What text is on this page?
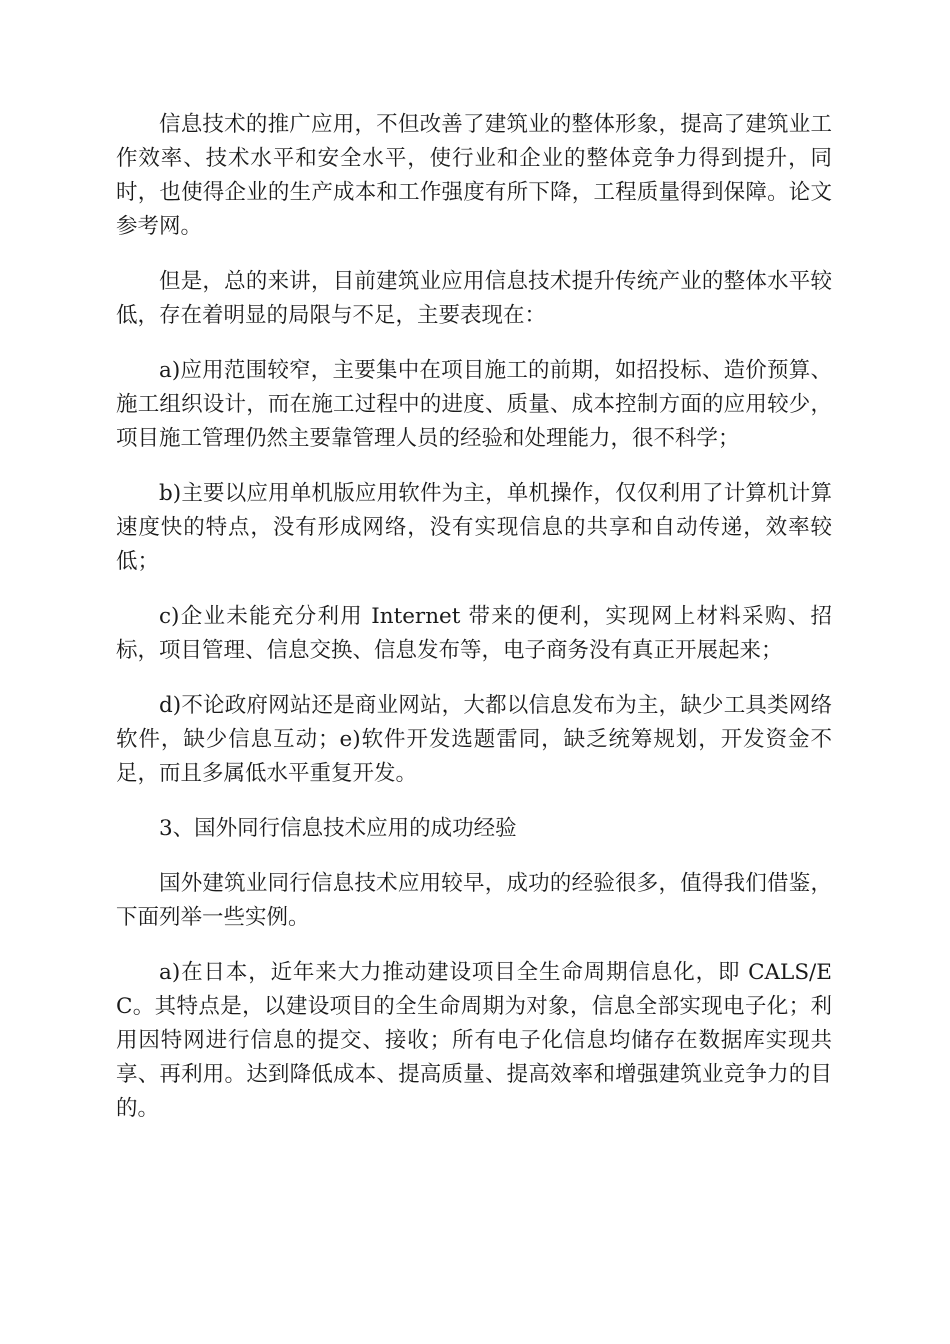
信息技术的推广应用，不但改善了建筑业的整体形象，提高了建筑业工作效率、技术水平和安全水平，使行业和企业的整体竞争力得到提升，同时，也使得企业的生产成本和工作强度有所下降，工程质量得到保障。论文参考网。

但是，总的来讲，目前建筑业应用信息技术提升传统产业的整体水平较低，存在着明显的局限与不足，主要表现在：

a)应用范围较窄，主要集中在项目施工的前期，如招投标、造价预算、施工组织设计，而在施工过程中的进度、质量、成本控制方面的应用较少，项目施工管理仍然主要靠管理人员的经验和处理能力，很不科学；

b)主要以应用单机版应用软件为主，单机操作，仅仅利用了计算机计算速度快的特点，没有形成网络，没有实现信息的共享和自动传递，效率较低；

c)企业未能充分利用 Internet 带来的便利，实现网上材料采购、招标，项目管理、信息交换、信息发布等，电子商务没有真正开展起来；

d)不论政府网站还是商业网站，大都以信息发布为主，缺少工具类网络软件，缺少信息互动；e)软件开发选题雷同，缺乏统筹规划，开发资金不足，而且多属低水平重复开发。

3、国外同行信息技术应用的成功经验

国外建筑业同行信息技术应用较早，成功的经验很多，值得我们借鉴，下面列举一些实例。

a)在日本，近年来大力推动建设项目全生命周期信息化，即 CALS/EC。其特点是，以建设项目的全生命周期为对象，信息全部实现电子化；利用因特网进行信息的提交、接收；所有电子化信息均储存在数据库实现共享、再利用。达到降低成本、提高质量、提高效率和增强建筑业竞争力的目的。
